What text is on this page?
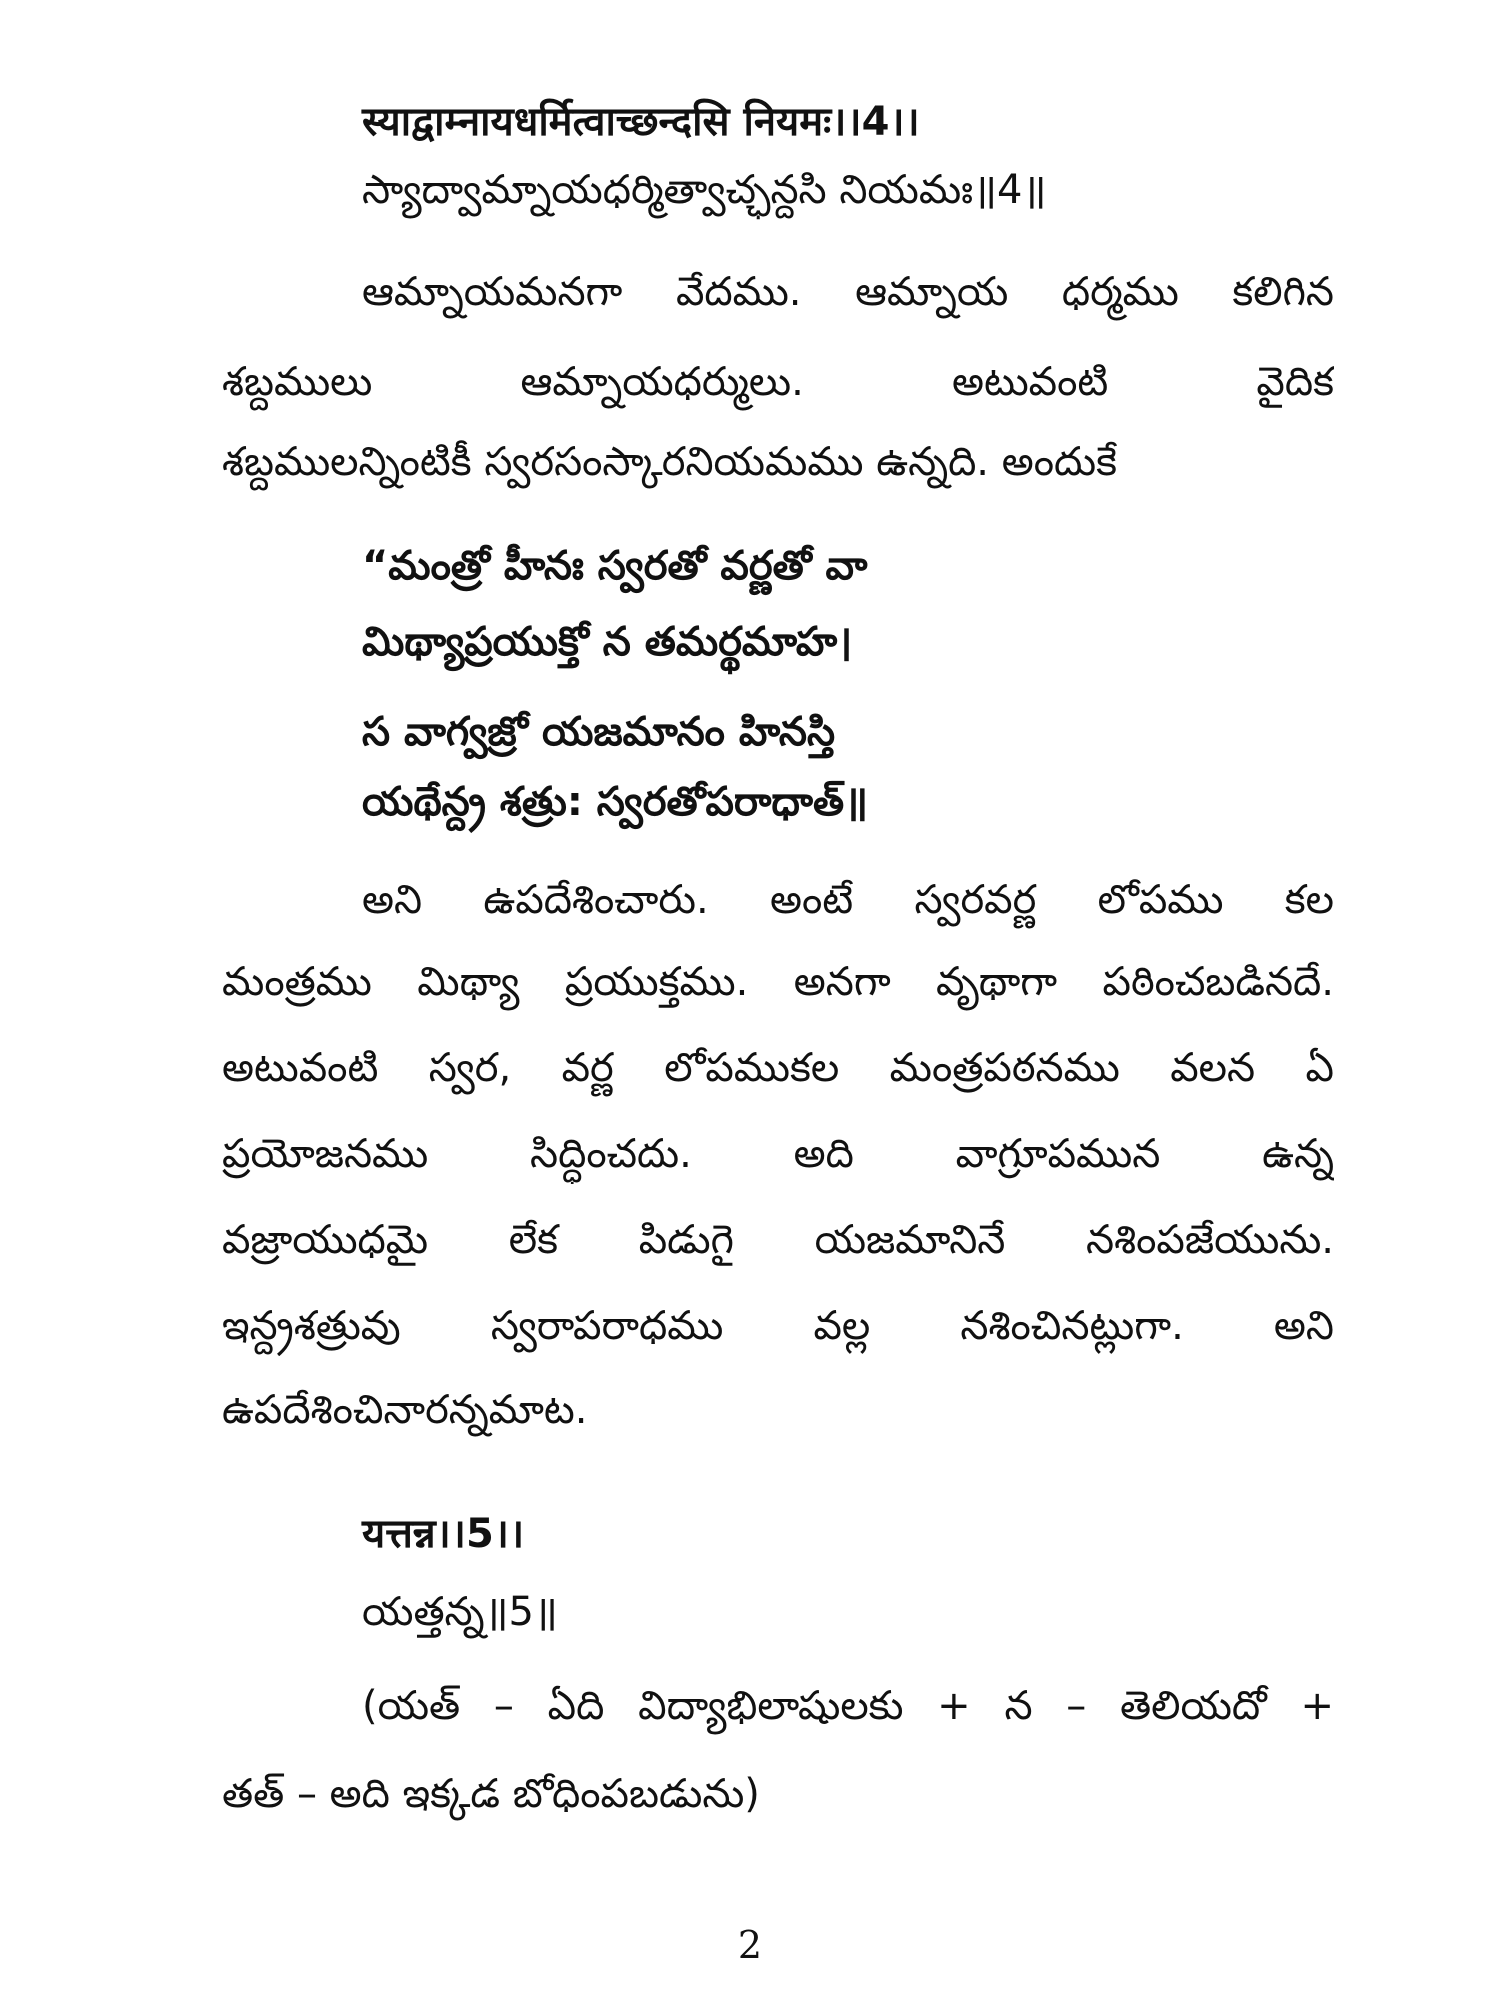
स्याद्वाम्नायधर्मित्वाच्छन्दसि नियमः।।4।।
స్యాద్వామ్నాయధర్మిత్వాచ్ఛన్దసి నియమః॥4॥
ఆమ్నాయమనగా వేదము. ఆమ్నాయ ధర్మము కలిగిన
శబ్దములు ఆమ్నాయధర్ములు. అటువంటి వైదిక
శబ్దములన్నింటికీ స్వరసంస్కారనియమము ఉన్నది. అందుకే
“మంత్రో హీనః స్వరతో వర్ణతో వా
మిథ్యాప్రయుక్తో న తమర్థమాహ।
స వాగ్వజ్రో యజమానం హినస్తి
యథేన్ద్ర శత్రు: స్వరతోపరాధాత్॥
అని ఉపదేశించారు. అంటే స్వరవర్ణ లోపము కల
మంత్రము మిథ్యా ప్రయుక్తము. అనగా వృథాగా పఠించబడినదే.
అటువంటి స్వర, వర్ణ లోపముకల మంత్రపఠనము వలన ఏ
ప్రయోజనము సిద్ధించదు. అది వాగ్రూపమున ఉన్న
వజ్రాయుధమై లేక పిడుగై యజమానినే నశింపజేయును.
ఇన్ద్రశత్రువు స్వరాపరాధము వల్ల నశించినట్లుగా. అని
ఉపదేశించినారన్నమాట.
यत्तन्न।।5।।
యత్తన్న॥5॥
(యత్ – ఏది విద్యాభిలాషులకు + న – తెలియదో +
తత్ – అది ఇక్కడ బోధింపబడును)
2
